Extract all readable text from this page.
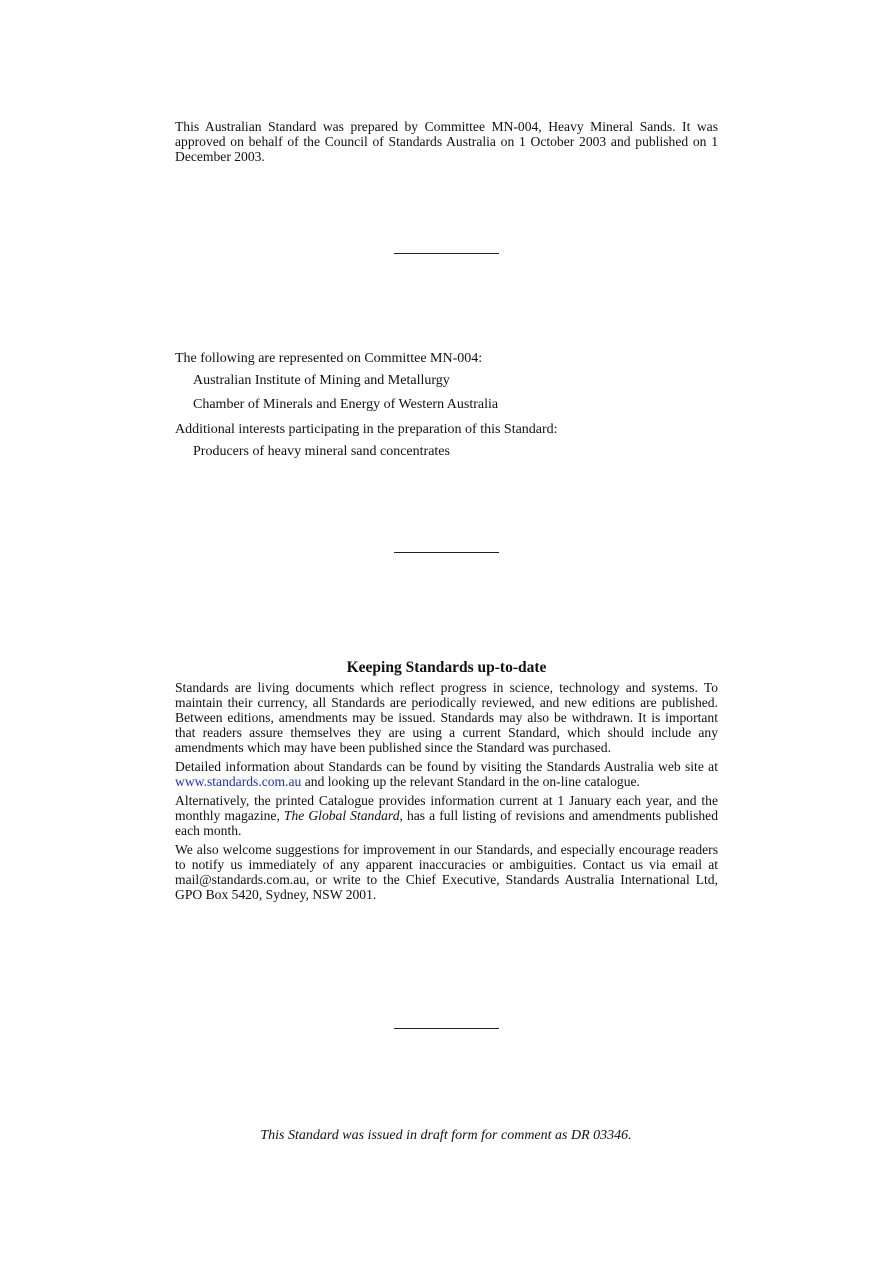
This Australian Standard was prepared by Committee MN-004, Heavy Mineral Sands. It was approved on behalf of the Council of Standards Australia on 1 October 2003 and published on 1 December 2003.

The following are represented on Committee MN-004:

Australian Institute of Mining and Metallurgy

Chamber of Minerals and Energy of Western Australia

Additional interests participating in the preparation of this Standard:

Producers of heavy mineral sand concentrates

Keeping Standards up-to-date

Standards are living documents which reflect progress in science, technology and systems. To maintain their currency, all Standards are periodically reviewed, and new editions are published. Between editions, amendments may be issued. Standards may also be withdrawn. It is important that readers assure themselves they are using a current Standard, which should include any amendments which may have been published since the Standard was purchased.

Detailed information about Standards can be found by visiting the Standards Australia web site at www.standards.com.au and looking up the relevant Standard in the on-line catalogue.

Alternatively, the printed Catalogue provides information current at 1 January each year, and the monthly magazine, The Global Standard, has a full listing of revisions and amendments published each month.

We also welcome suggestions for improvement in our Standards, and especially encourage readers to notify us immediately of any apparent inaccuracies or ambiguities. Contact us via email at mail@standards.com.au, or write to the Chief Executive, Standards Australia International Ltd, GPO Box 5420, Sydney, NSW 2001.

This Standard was issued in draft form for comment as DR 03346.
